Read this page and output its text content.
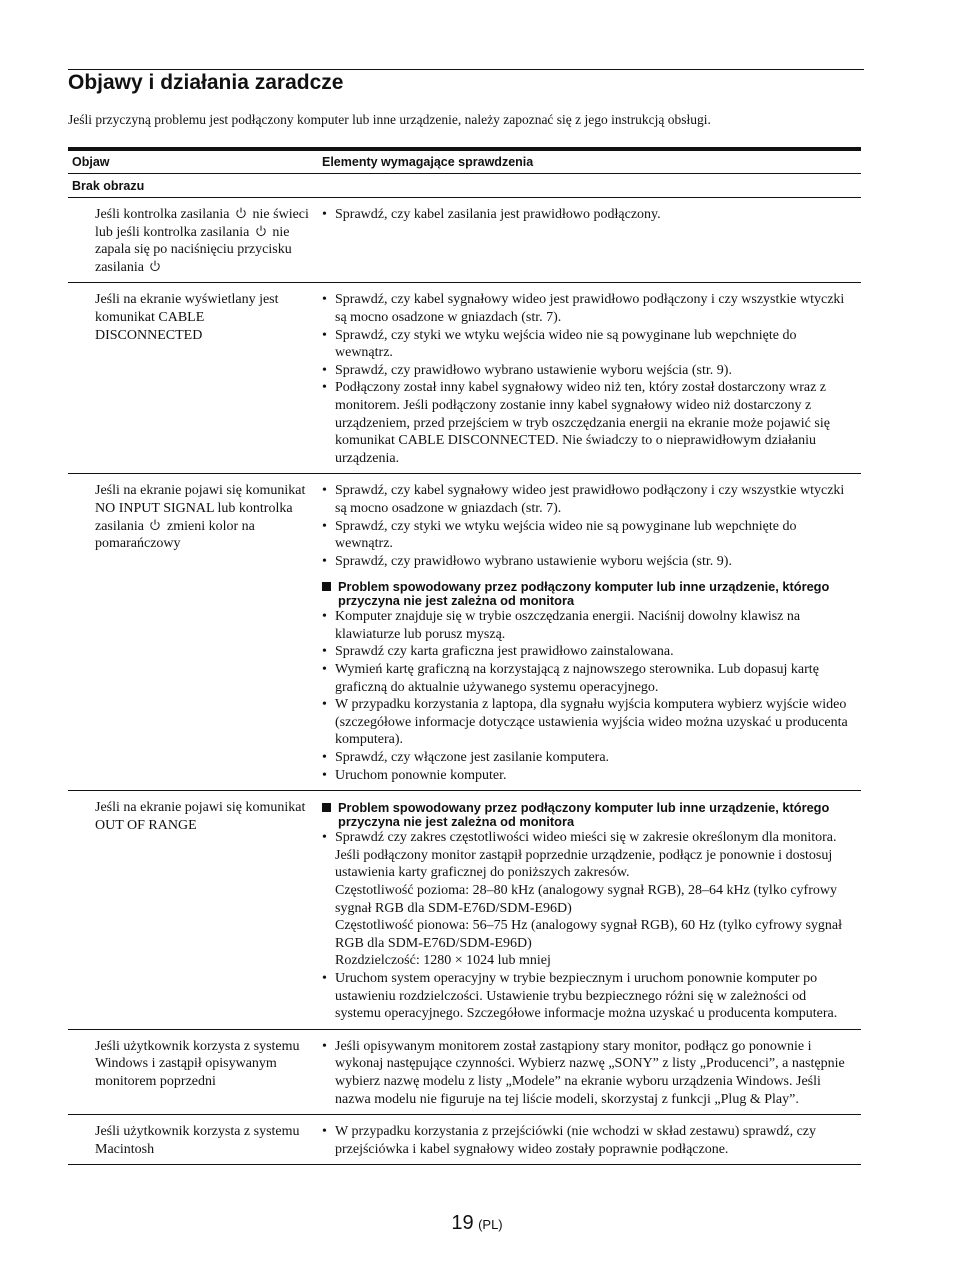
Objawy i działania zaradcze

Jeśli przyczyną problemu jest podłączony komputer lub inne urządzenie, należy zapoznać się z jego instrukcją obsługi.

Objaw	Elementy wymagające sprawdzenia
Brak obrazu
Jeśli kontrolka zasilania nie świeci lub jeśli kontrolka zasilania nie zapala się po naciśnięciu przycisku zasilania
• Sprawdź, czy kabel zasilania jest prawidłowo podłączony.
Jeśli na ekranie wyświetlany jest komunikat CABLE DISCONNECTED
• Sprawdź, czy kabel sygnałowy wideo jest prawidłowo podłączony i czy wszystkie wtyczki są mocno osadzone w gniazdach (str. 7).
• Sprawdź, czy styki we wtyku wejścia wideo nie są powyginane lub wepchnięte do wewnątrz.
• Sprawdź, czy prawidłowo wybrano ustawienie wyboru wejścia (str. 9).
• Podłączony został inny kabel sygnałowy wideo niż ten, który został dostarczony wraz z monitorem. Jeśli podłączony zostanie inny kabel sygnałowy wideo niż dostarczony z urządzeniem, przed przejściem w tryb oszczędzania energii na ekranie może pojawić się komunikat CABLE DISCONNECTED. Nie świadczy to o nieprawidłowym działaniu urządzenia.
Jeśli na ekranie pojawi się komunikat NO INPUT SIGNAL lub kontrolka zasilania zmieni kolor na pomarańczowy
• Sprawdź, czy kabel sygnałowy wideo jest prawidłowo podłączony i czy wszystkie wtyczki są mocno osadzone w gniazdach (str. 7).
• Sprawdź, czy styki we wtyku wejścia wideo nie są powyginane lub wepchnięte do wewnątrz.
• Sprawdź, czy prawidłowo wybrano ustawienie wyboru wejścia (str. 9).
Problem spowodowany przez podłączony komputer lub inne urządzenie, którego przyczyna nie jest zależna od monitora
• Komputer znajduje się w trybie oszczędzania energii. Naciśnij dowolny klawisz na klawiaturze lub porusz myszą.
• Sprawdź czy karta graficzna jest prawidłowo zainstalowana.
• Wymień kartę graficzną na korzystającą z najnowszego sterownika. Lub dopasuj kartę graficzną do aktualnie używanego systemu operacyjnego.
• W przypadku korzystania z laptopa, dla sygnału wyjścia komputera wybierz wyjście wideo (szczegółowe informacje dotyczące ustawienia wyjścia wideo można uzyskać u producenta komputera).
• Sprawdź, czy włączone jest zasilanie komputera.
• Uruchom ponownie komputer.
Jeśli na ekranie pojawi się komunikat OUT OF RANGE
Problem spowodowany przez podłączony komputer lub inne urządzenie, którego przyczyna nie jest zależna od monitora
• Sprawdź czy zakres częstotliwości wideo mieści się w zakresie określonym dla monitora. Jeśli podłączony monitor zastąpił poprzednie urządzenie, podłącz je ponownie i dostosuj ustawienia karty graficznej do poniższych zakresów.
Częstotliwość pozioma: 28–80 kHz (analogowy sygnał RGB), 28–64 kHz (tylko cyfrowy sygnał RGB dla SDM-E76D/SDM-E96D)
Częstotliwość pionowa: 56–75 Hz (analogowy sygnał RGB), 60 Hz (tylko cyfrowy sygnał RGB dla SDM-E76D/SDM-E96D)
Rozdzielczość: 1280 × 1024 lub mniej
• Uruchom system operacyjny w trybie bezpiecznym i uruchom ponownie komputer po ustawieniu rozdzielczości. Ustawienie trybu bezpiecznego różni się w zależności od systemu operacyjnego. Szczegółowe informacje można uzyskać u producenta komputera.
Jeśli użytkownik korzysta z systemu Windows i zastąpił opisywanym monitorem poprzedni
• Jeśli opisywanym monitorem został zastąpiony stary monitor, podłącz go ponownie i wykonaj następujące czynności. Wybierz nazwę „SONY” z listy „Producenci”, a następnie wybierz nazwę modelu z listy „Modele” na ekranie wyboru urządzenia Windows. Jeśli nazwa modelu nie figuruje na tej liście modeli, skorzystaj z funkcji „Plug & Play”.
Jeśli użytkownik korzysta z systemu Macintosh
• W przypadku korzystania z przejściówki (nie wchodzi w skład zestawu) sprawdź, czy przejściówka i kabel sygnałowy wideo zostały poprawnie podłączone.
19 (PL)
